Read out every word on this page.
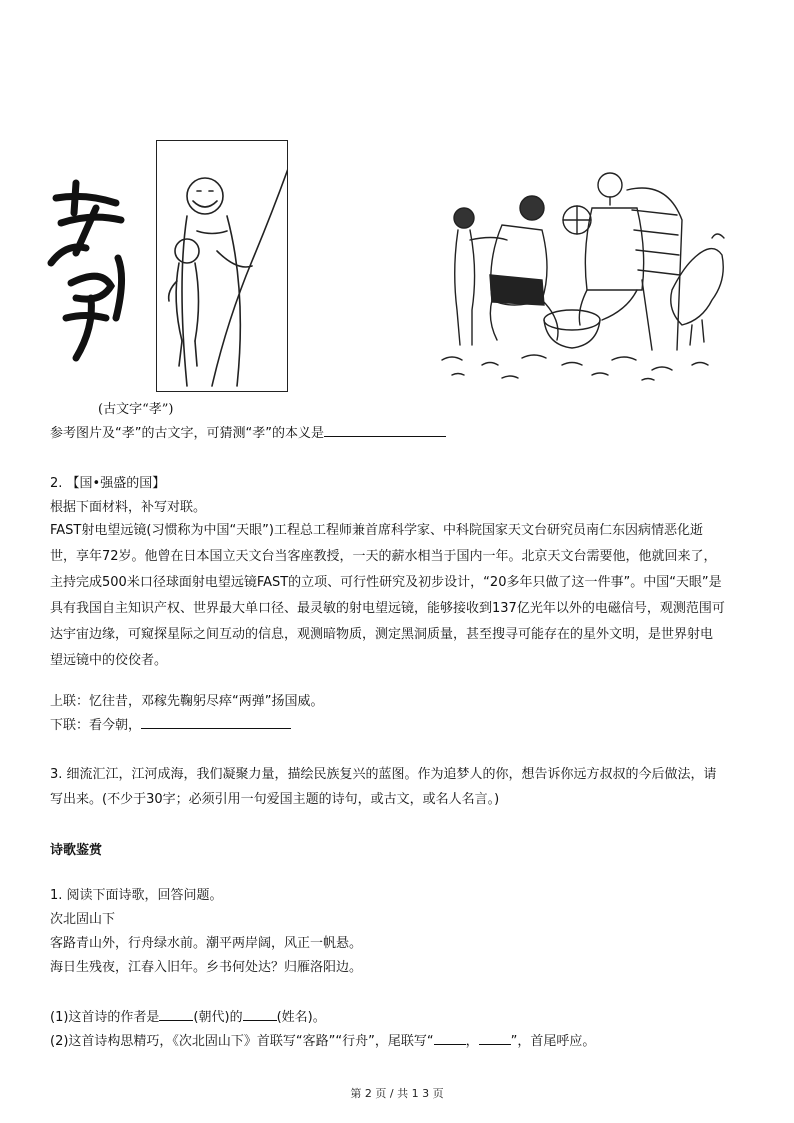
(古文字“孝”)
参考图片及“孝”的古文字，可猜测“孝”的本义是
2. 【国•强盛的国】
根据下面材料，补写对联。
FAST射电望远镜(习惯称为中国“天眼”)工程总工程师兼首席科学家、中科院国家天文台研究员南仁东因病情恶化逝
世，享年72岁。他曾在日本国立天文台当客座教授，一天的薪水相当于国内一年。北京天文台需要他，他就回来了，
主持完成500米口径球面射电望远镜FAST的立项、可行性研究及初步设计，“20多年只做了这一件事”。中国“天眼”是
具有我国自主知识产权、世界最大单口径、最灵敏的射电望远镜，能够接收到137亿光年以外的电磁信号，观测范围可
达宇宙边缘，可窥探星际之间互动的信息，观测暗物质，测定黑洞质量，甚至搜寻可能存在的星外文明，是世界射电
望远镜中的佼佼者。
上联：忆往昔，邓稼先鞠躬尽瘁“两弹”扬国威。
下联：看今朝，
3. 细流汇江，江河成海，我们凝聚力量，描绘民族复兴的蓝图。作为追梦人的你，想告诉你远方叔叔的今后做法，请
写出来。(不少于30字；必须引用一句爱国主题的诗句，或古文，或名人名言。)
诗歌鉴赏
1. 阅读下面诗歌，回答问题。
次北固山下
客路青山外，行舟绿水前。潮平两岸阔，风正一帆悬。
海日生残夜，江春入旧年。乡书何处达？归雁洛阳边。
(1)这首诗的作者是	(朝代)的	(姓名)。
(2)这首诗构思精巧，《次北固山下》首联写“客路”“行舟”，尾联写“ ， ”，首尾呼应。
第 2 页 / 共 1 3 页
